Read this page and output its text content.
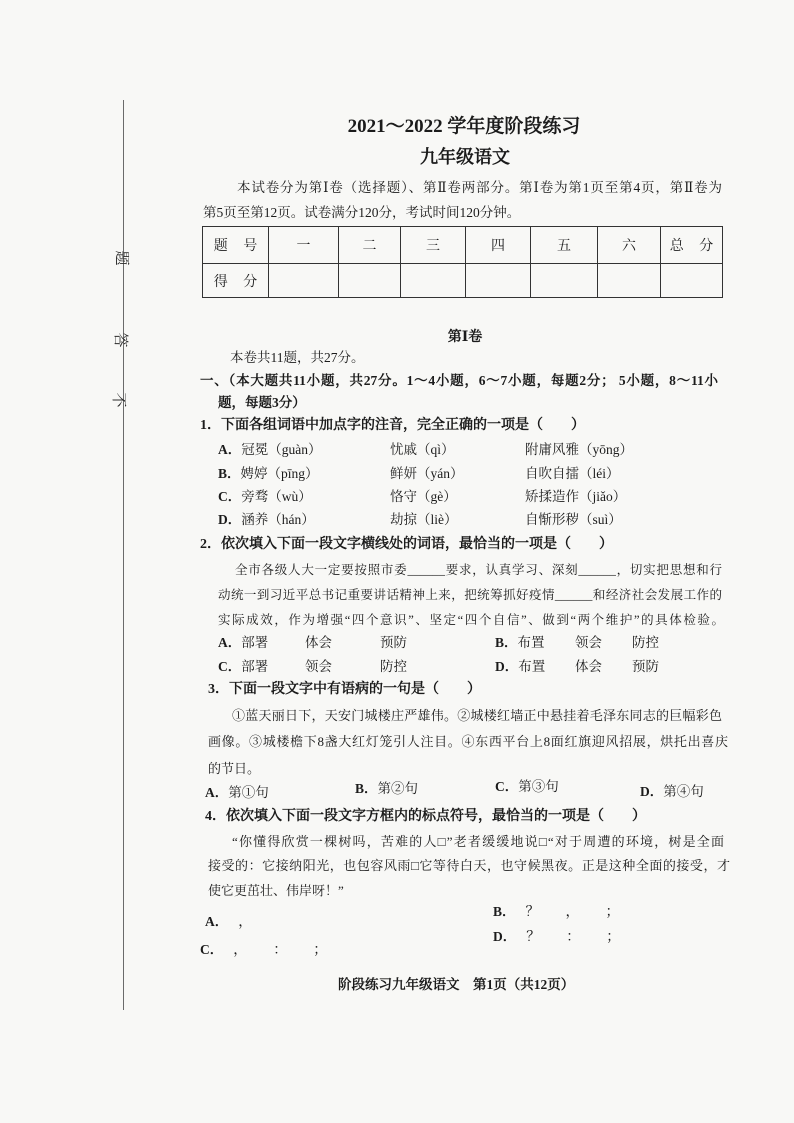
题
答
不
2021～2022 学年度阶段练习
九年级语文
本试卷分为第Ⅰ卷（选择题）、第Ⅱ卷两部分。第Ⅰ卷为第1页至第4页，第Ⅱ卷为
第5页至第12页。试卷满分120分，考试时间120分钟。
题 号	一	二	三	四	五	六	总 分
得 分							
第Ⅰ卷
本卷共11题，共27分。
一、（本大题共11小题，共27分。1～4小题，6～7小题，每题2分； 5小题，8～11小
题，每题3分）
1．下面各组词语中加点字的注音，完全正确的一项是（　　）
A．冠冕（guàn）	忧戚（qì）	附庸风雅（yōng）
B．娉婷（pīng）	鲜妍（yán）	自吹自擂（léi）
C．旁骛（wù）	恪守（gè）	矫揉造作（jiǎo）
D．涵养（hán）	劫掠（liè）	自惭形秽（suì）
2．依次填入下面一段文字横线处的词语，最恰当的一项是（　　）
全市各级人大一定要按照市委______要求，认真学习、深刻______，切实把思想和行
动统一到习近平总书记重要讲话精神上来，把统筹抓好疫情______和经济社会发展工作的
实际成效，作为增强“四个意识”、坚定“四个自信”、做到“两个维护”的具体检验。
A．部署	体会	预防	B．布置 领会 防控
C．部署	领会	防控	D．布置 体会 预防
3．下面一段文字中有语病的一句是（　　）
①蓝天丽日下，天安门城楼庄严雄伟。②城楼红墙正中悬挂着毛泽东同志的巨幅彩色
画像。③城楼檐下8盏大红灯笼引人注目。④东西平台上8面红旗迎风招展，烘托出喜庆
的节日。
A．第①句	B．第②句	C．第③句	D．第④句
4．依次填入下面一段文字方框内的标点符号，最恰当的一项是（　　）
“你懂得欣赏一棵树吗，苦难的人□”老者缓缓地说□“对于周遭的环境，树是全面
接受的：它接纳阳光，也包容风雨□它等待白天，也守候黑夜。正是这种全面的接受，才
使它更茁壮、伟岸呀！”
A． ，
B． ？ ， ；
C． ， ： ；
D． ？ ： ；
阶段练习九年级语文　第1页（共12页）
